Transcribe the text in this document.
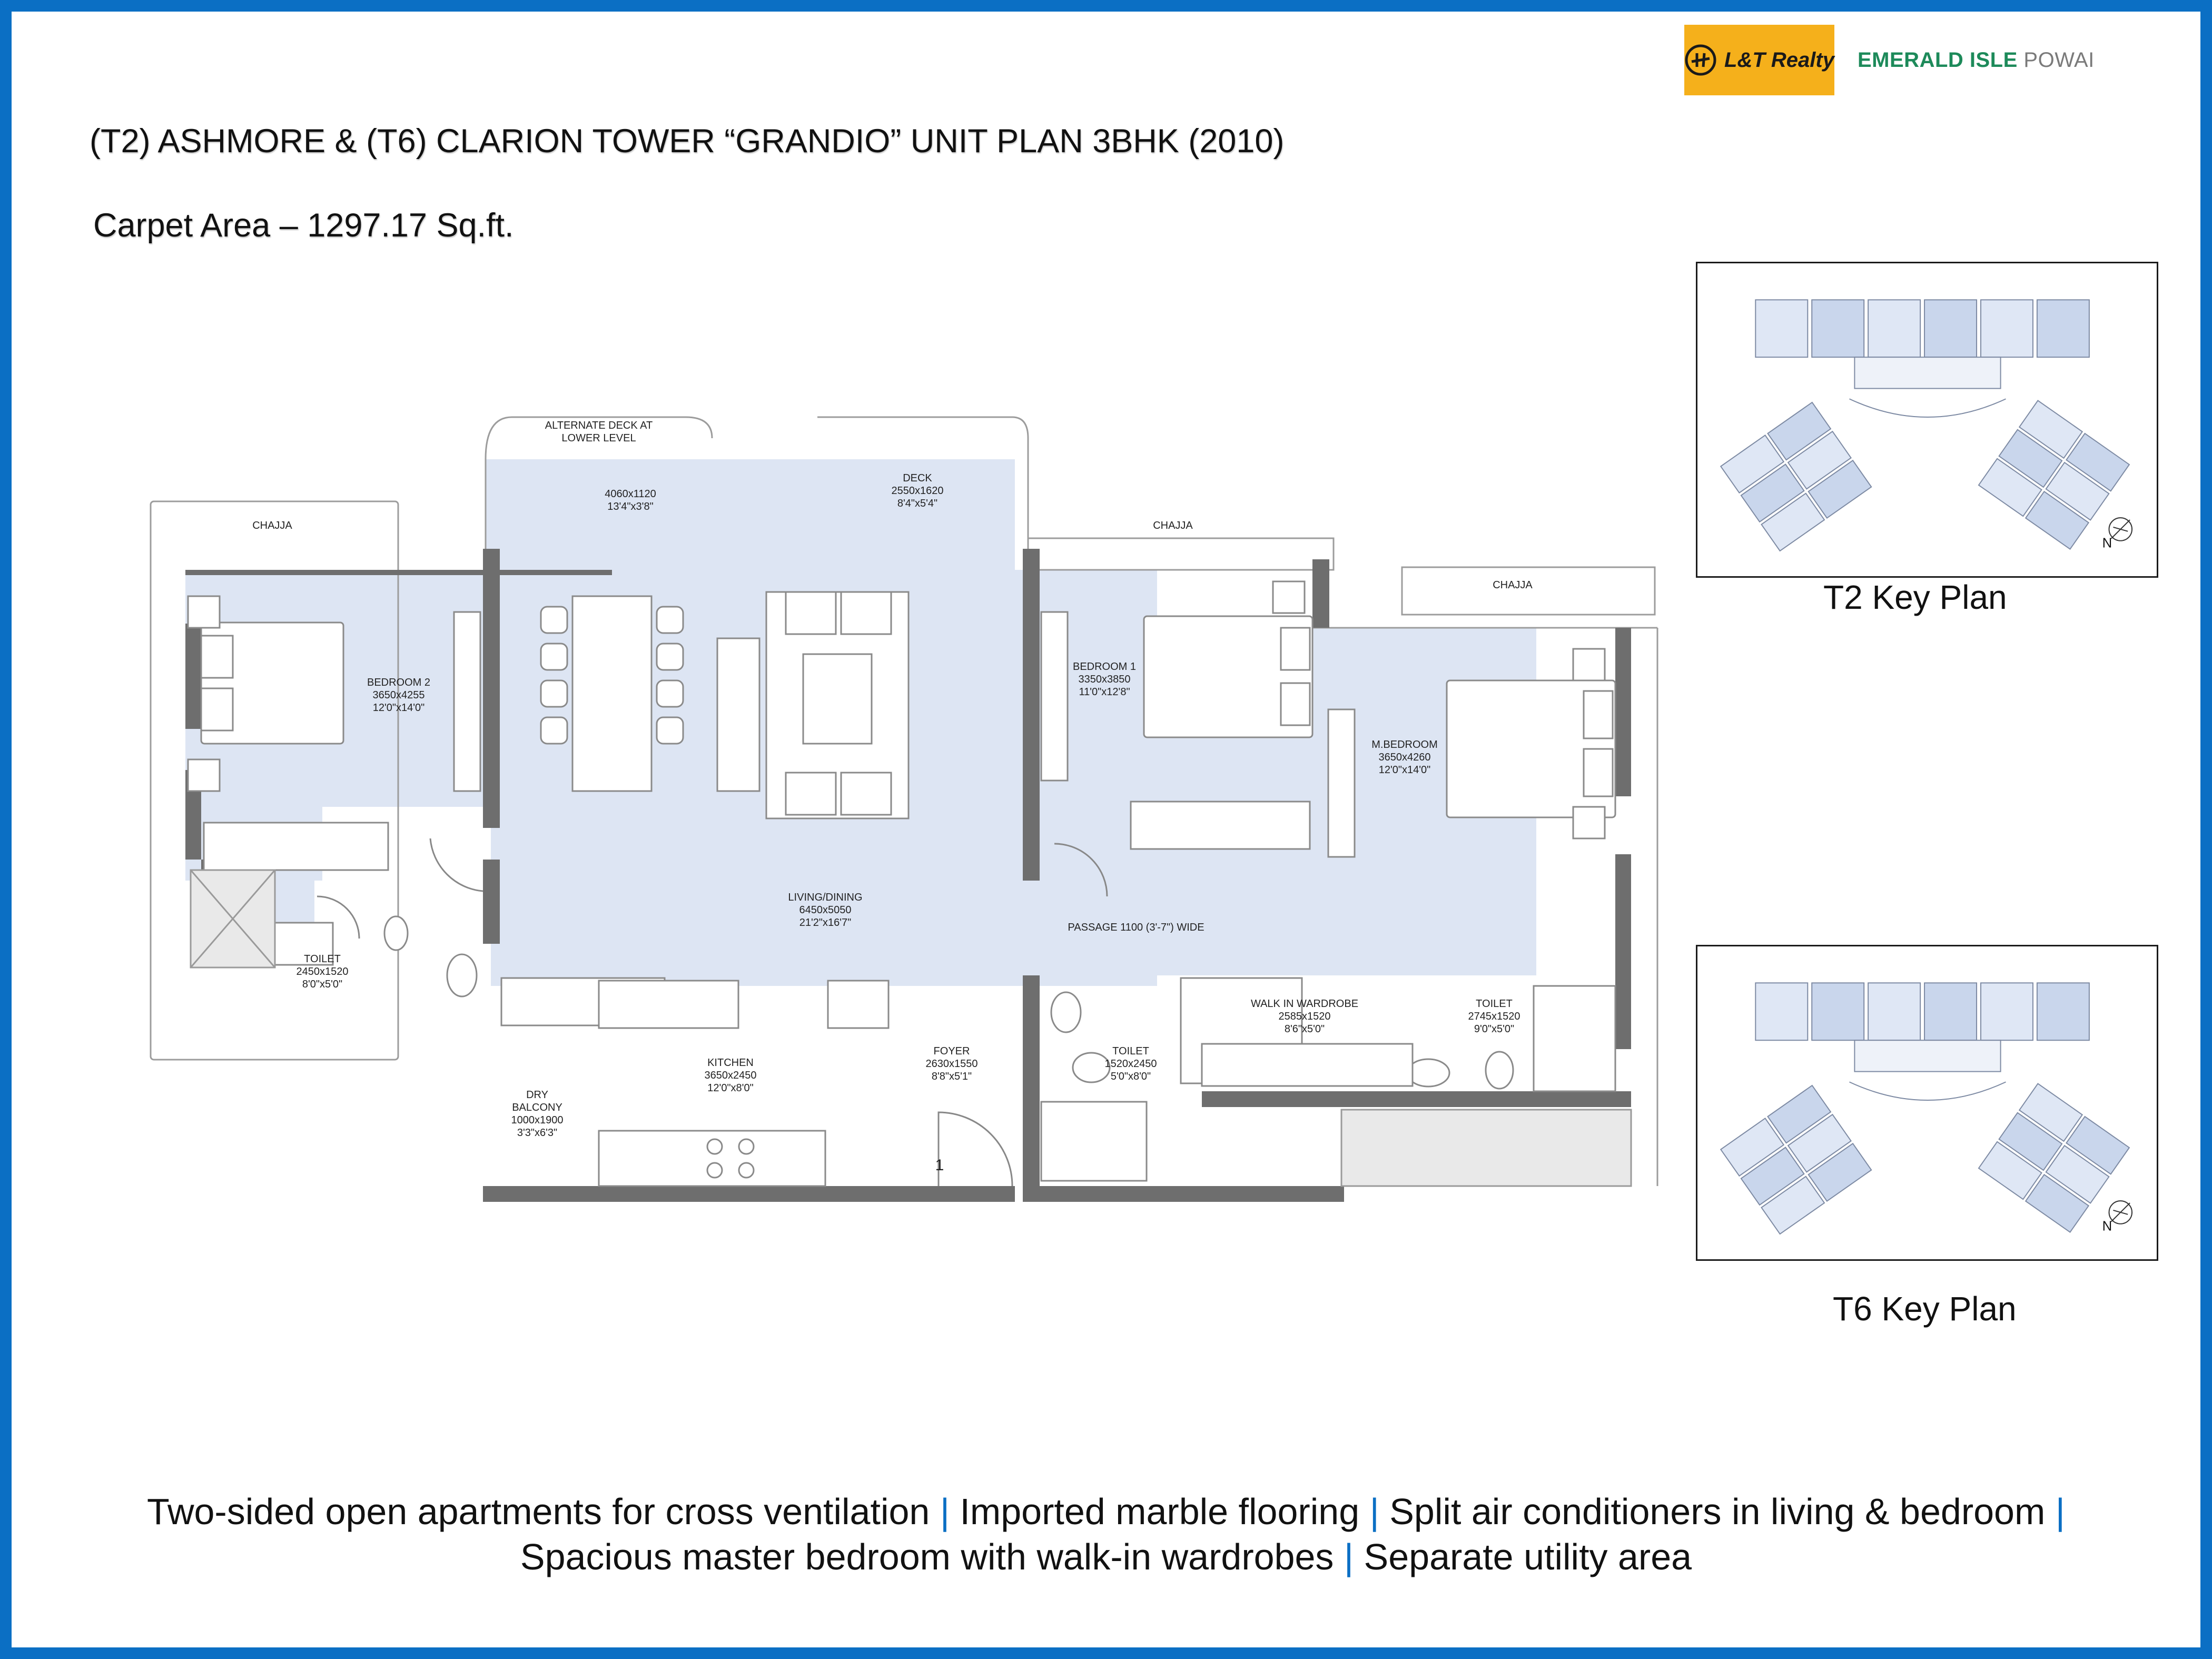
L&T Realty EMERALD ISLE POWAI
(T2) ASHMORE & (T6) CLARION TOWER “GRANDIO” UNIT PLAN 3BHK (2010)
Carpet Area – 1297.17 Sq.ft.
ALTERNATE DECK AT LOWER LEVEL
4060x1120 13'4"x3'8"
DECK 2550x1620 8'4"x5'4"
CHAJJA	CHAJJA
CHAJJA
BEDROOM 2 3650x4255 12'0"x14'0"
BEDROOM 1 3350x3850 11'0"x12'8"
M.BEDROOM 3650x4260 12'0"x14'0"
LIVING/DINING 6450x5050 21'2"x16'7"	PASSAGE 1100 (3'-7") WIDE
TOILET 2450x1520 8'0"x5'0"
KITCHEN 3650x2450 12'0"x8'0"
DRY BALCONY 1000x1900 3'3"x6'3"
FOYER 2630x1550 8'8"x5'1"
TOILET 1520x2450 5'0"x8'0"
WALK IN WARDROBE 2585x1520 8'6"x5'0"
TOILET 2745x1520 9'0"x5'0"
1
N
T2 Key Plan
N
T6 Key Plan
Two-sided open apartments for cross ventilation | Imported marble flooring | Split air conditioners in living & bedroom |
Spacious master bedroom with walk-in wardrobes | Separate utility area
